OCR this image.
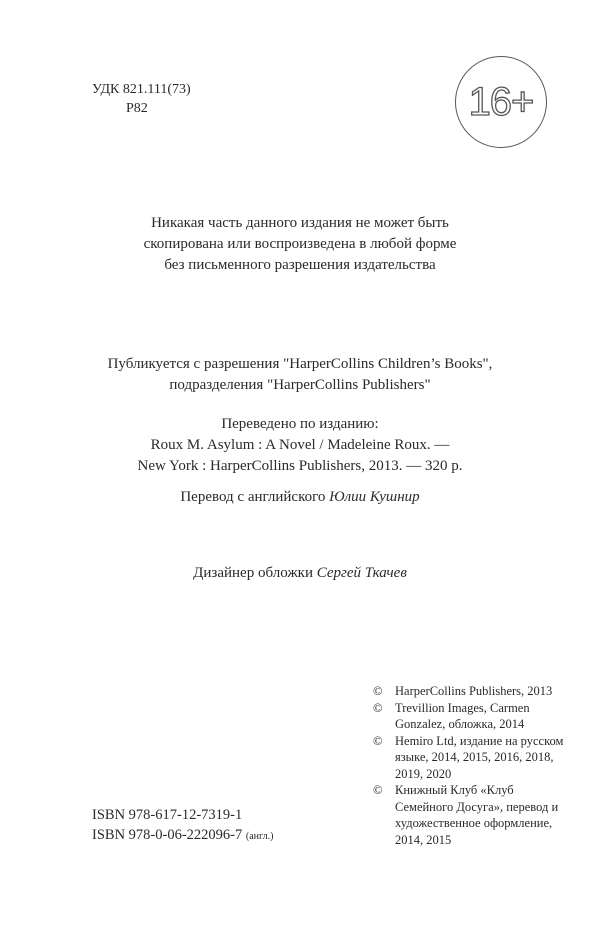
УДК 821.111(73)
Р82	16+
Никакая часть данного издания не может быть
скопирована или воспроизведена в любой форме
без письменного разрешения издательства
Публикуется с разрешения "HarperCollins Children’s Books",
подразделения "HarperCollins Publishers"
Переведено по изданию:
Roux M. Asylum : A Novel / Madeleine Roux. —
New York : HarperCollins Publishers, 2013. — 320 p.
Перевод с английского Юлии Кушнир
Дизайнер обложки Сергей Ткачев
©	HarperCollins Publishers, 2013
©	Trevillion Images, Carmen Gonzalez, обложка, 2014
©	Hemiro Ltd, издание на русском языке, 2014, 2015, 2016, 2018, 2019, 2020
©	Книжный Клуб «Клуб Семейного Досуга», перевод и художественное оформление, 2014, 2015
ISBN 978-617-12-7319-1
ISBN 978-0-06-222096-7 (англ.)
